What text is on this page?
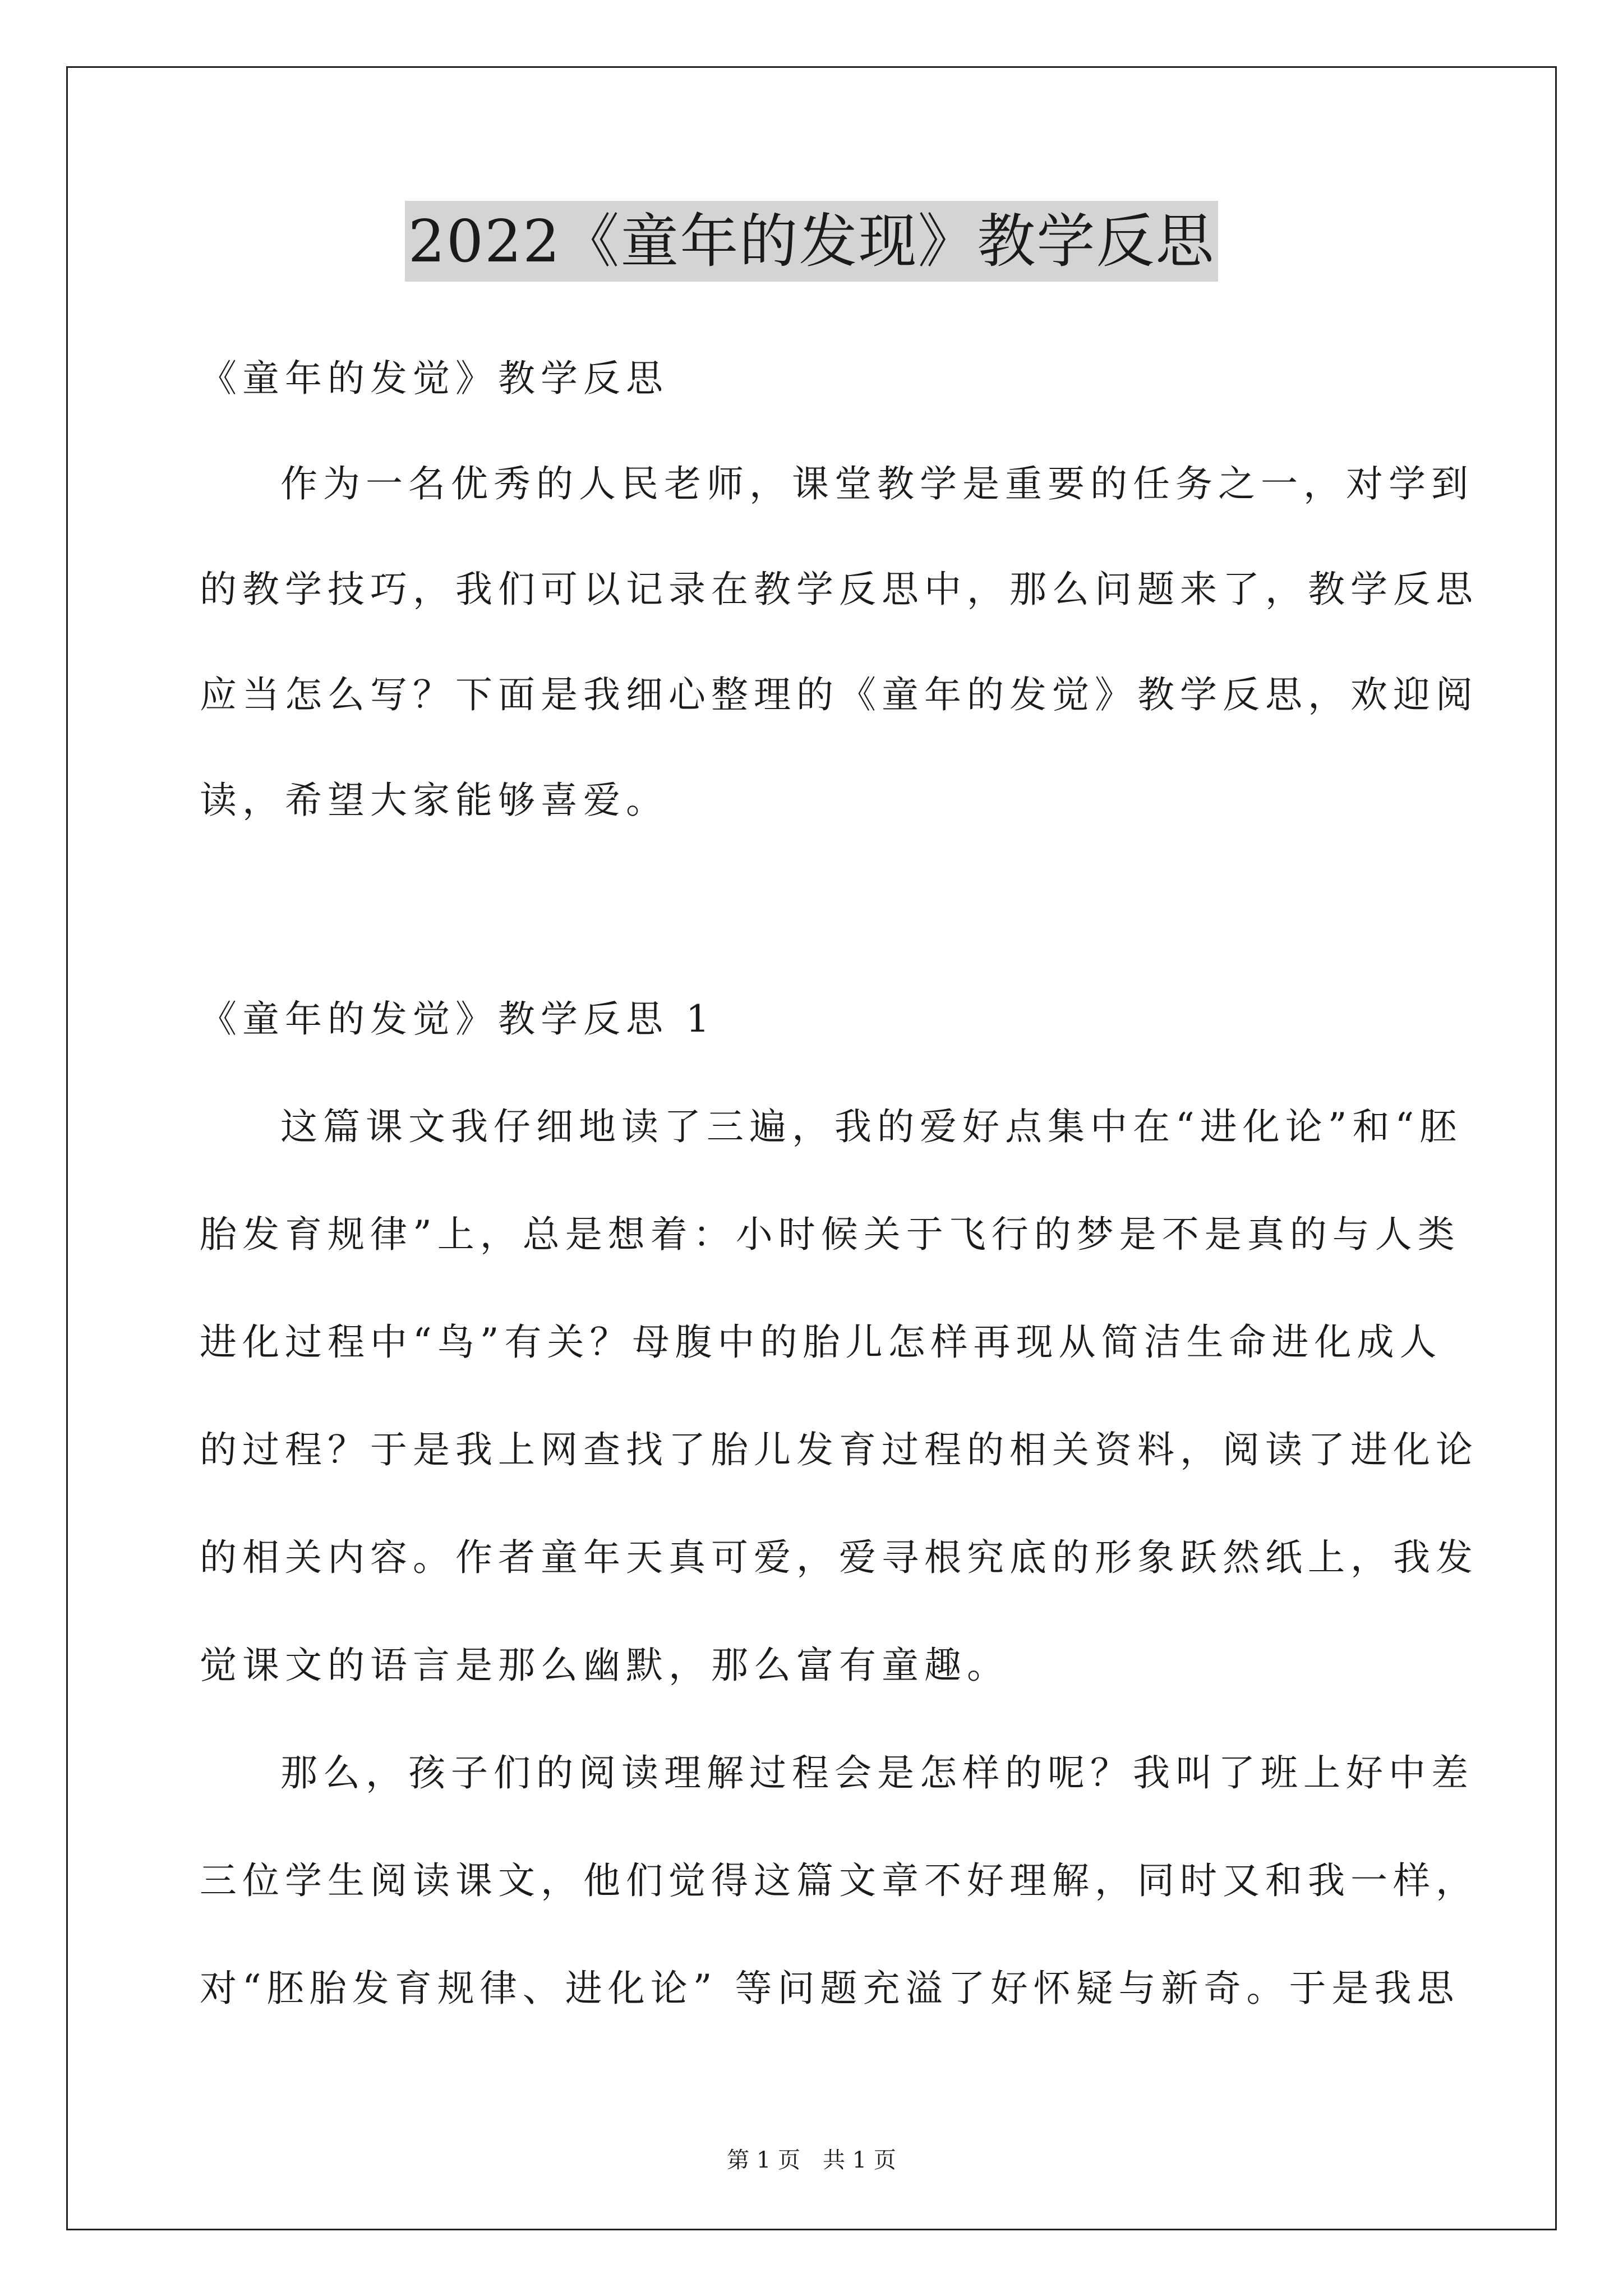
2022《童年的发现》教学反思
《童年的发觉》教学反思
作为一名优秀的人民老师，课堂教学是重要的任务之一，对学到
的教学技巧，我们可以记录在教学反思中，那么问题来了，教学反思
应当怎么写？下面是我细心整理的《童年的发觉》教学反思，欢迎阅
读，希望大家能够喜爱。
《童年的发觉》教学反思 1
这篇课文我仔细地读了三遍，我的爱好点集中在“进化论”和“胚
胎发育规律”上，总是想着：小时候关于飞行的梦是不是真的与人类
进化过程中“鸟”有关？母腹中的胎儿怎样再现从简洁生命进化成人
的过程？于是我上网查找了胎儿发育过程的相关资料，阅读了进化论
的相关内容。作者童年天真可爱，爱寻根究底的形象跃然纸上，我发
觉课文的语言是那么幽默，那么富有童趣。
那么，孩子们的阅读理解过程会是怎样的呢？我叫了班上好中差
三位学生阅读课文，他们觉得这篇文章不好理解，同时又和我一样，
对“胚胎发育规律、进化论” 等问题充溢了好怀疑与新奇。于是我思
第 1 页　共 1 页
